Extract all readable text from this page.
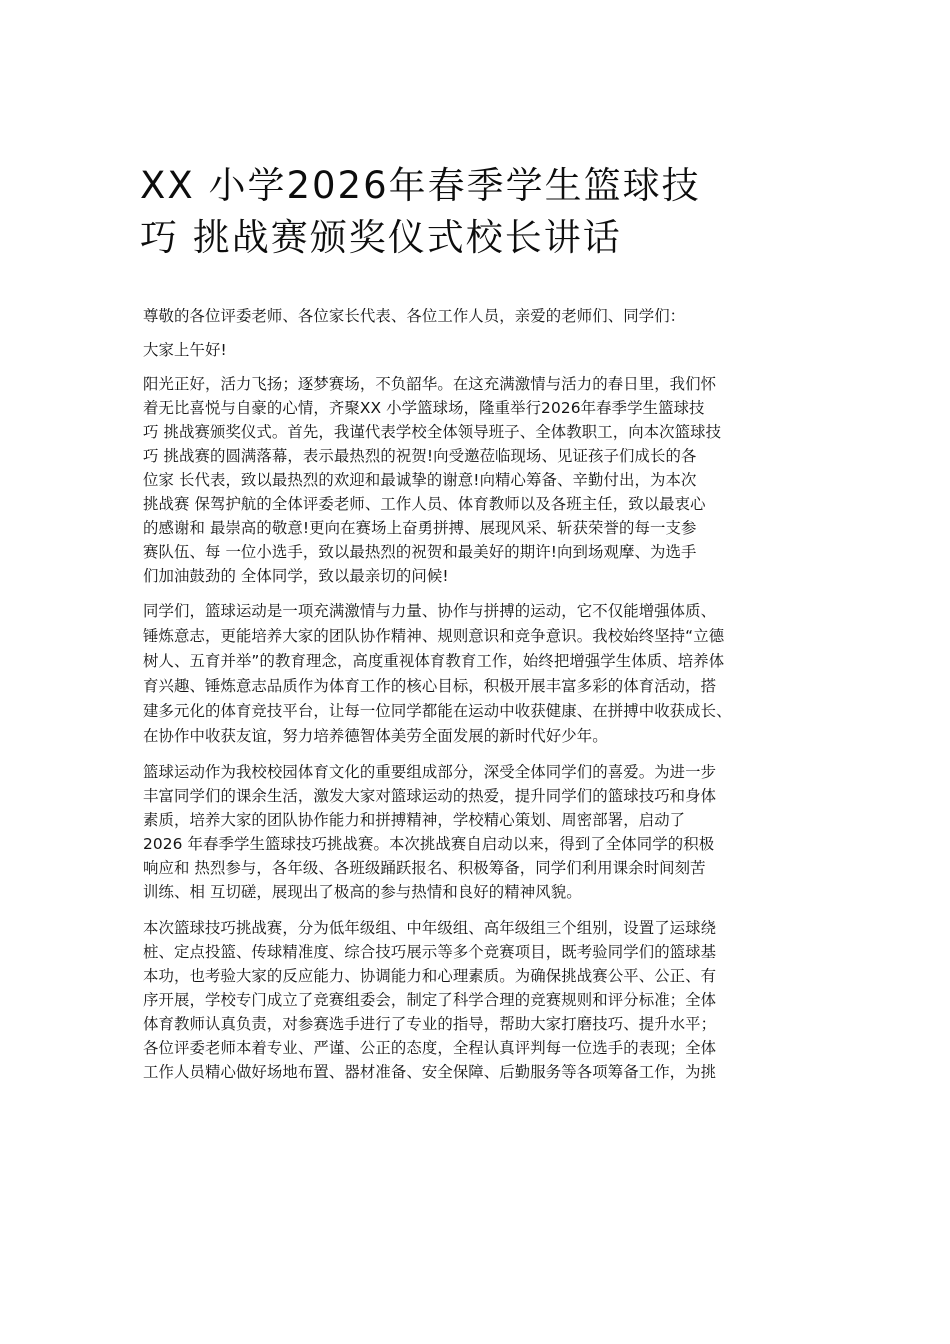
XX 小学2026年春季学生篮球技
巧 挑战赛颁奖仪式校长讲话

尊敬的各位评委老师、各位家长代表、各位工作人员，亲爱的老师们、同学们：

大家上午好!

阳光正好，活力飞扬；逐梦赛场，不负韶华。在这充满激情与活力的春日里，我们怀
着无比喜悦与自豪的心情，齐聚XX 小学篮球场，隆重举行2026年春季学生篮球技
巧 挑战赛颁奖仪式。首先，我谨代表学校全体领导班子、全体教职工，向本次篮球技
巧 挑战赛的圆满落幕，表示最热烈的祝贺!向受邀莅临现场、见证孩子们成长的各
位家 长代表，致以最热烈的欢迎和最诚挚的谢意!向精心筹备、辛勤付出，为本次
挑战赛 保驾护航的全体评委老师、工作人员、体育教师以及各班主任，致以最衷心
的感谢和 最崇高的敬意!更向在赛场上奋勇拼搏、展现风采、斩获荣誉的每一支参
赛队伍、每 一位小选手，致以最热烈的祝贺和最美好的期许!向到场观摩、为选手
们加油鼓劲的 全体同学，致以最亲切的问候!

同学们，篮球运动是一项充满激情与力量、协作与拼搏的运动，它不仅能增强体质、
锤炼意志，更能培养大家的团队协作精神、规则意识和竞争意识。我校始终坚持“立德
树人、五育并举”的教育理念，高度重视体育教育工作，始终把增强学生体质、培养体
育兴趣、锤炼意志品质作为体育工作的核心目标，积极开展丰富多彩的体育活动，搭
建多元化的体育竞技平台，让每一位同学都能在运动中收获健康、在拼搏中收获成长、
在协作中收获友谊，努力培养德智体美劳全面发展的新时代好少年。

篮球运动作为我校校园体育文化的重要组成部分，深受全体同学们的喜爱。为进一步
丰富同学们的课余生活，激发大家对篮球运动的热爱，提升同学们的篮球技巧和身体
素质，培养大家的团队协作能力和拼搏精神，学校精心策划、周密部署，启动了
2026 年春季学生篮球技巧挑战赛。本次挑战赛自启动以来，得到了全体同学的积极
响应和 热烈参与，各年级、各班级踊跃报名、积极筹备，同学们利用课余时间刻苦
训练、相 互切磋，展现出了极高的参与热情和良好的精神风貌。

本次篮球技巧挑战赛，分为低年级组、中年级组、高年级组三个组别，设置了运球绕
桩、定点投篮、传球精准度、综合技巧展示等多个竞赛项目，既考验同学们的篮球基
本功，也考验大家的反应能力、协调能力和心理素质。为确保挑战赛公平、公正、有
序开展，学校专门成立了竞赛组委会，制定了科学合理的竞赛规则和评分标准；全体
体育教师认真负责，对参赛选手进行了专业的指导，帮助大家打磨技巧、提升水平；
各位评委老师本着专业、严谨、公正的态度，全程认真评判每一位选手的表现；全体
工作人员精心做好场地布置、器材准备、安全保障、后勤服务等各项筹备工作，为挑
